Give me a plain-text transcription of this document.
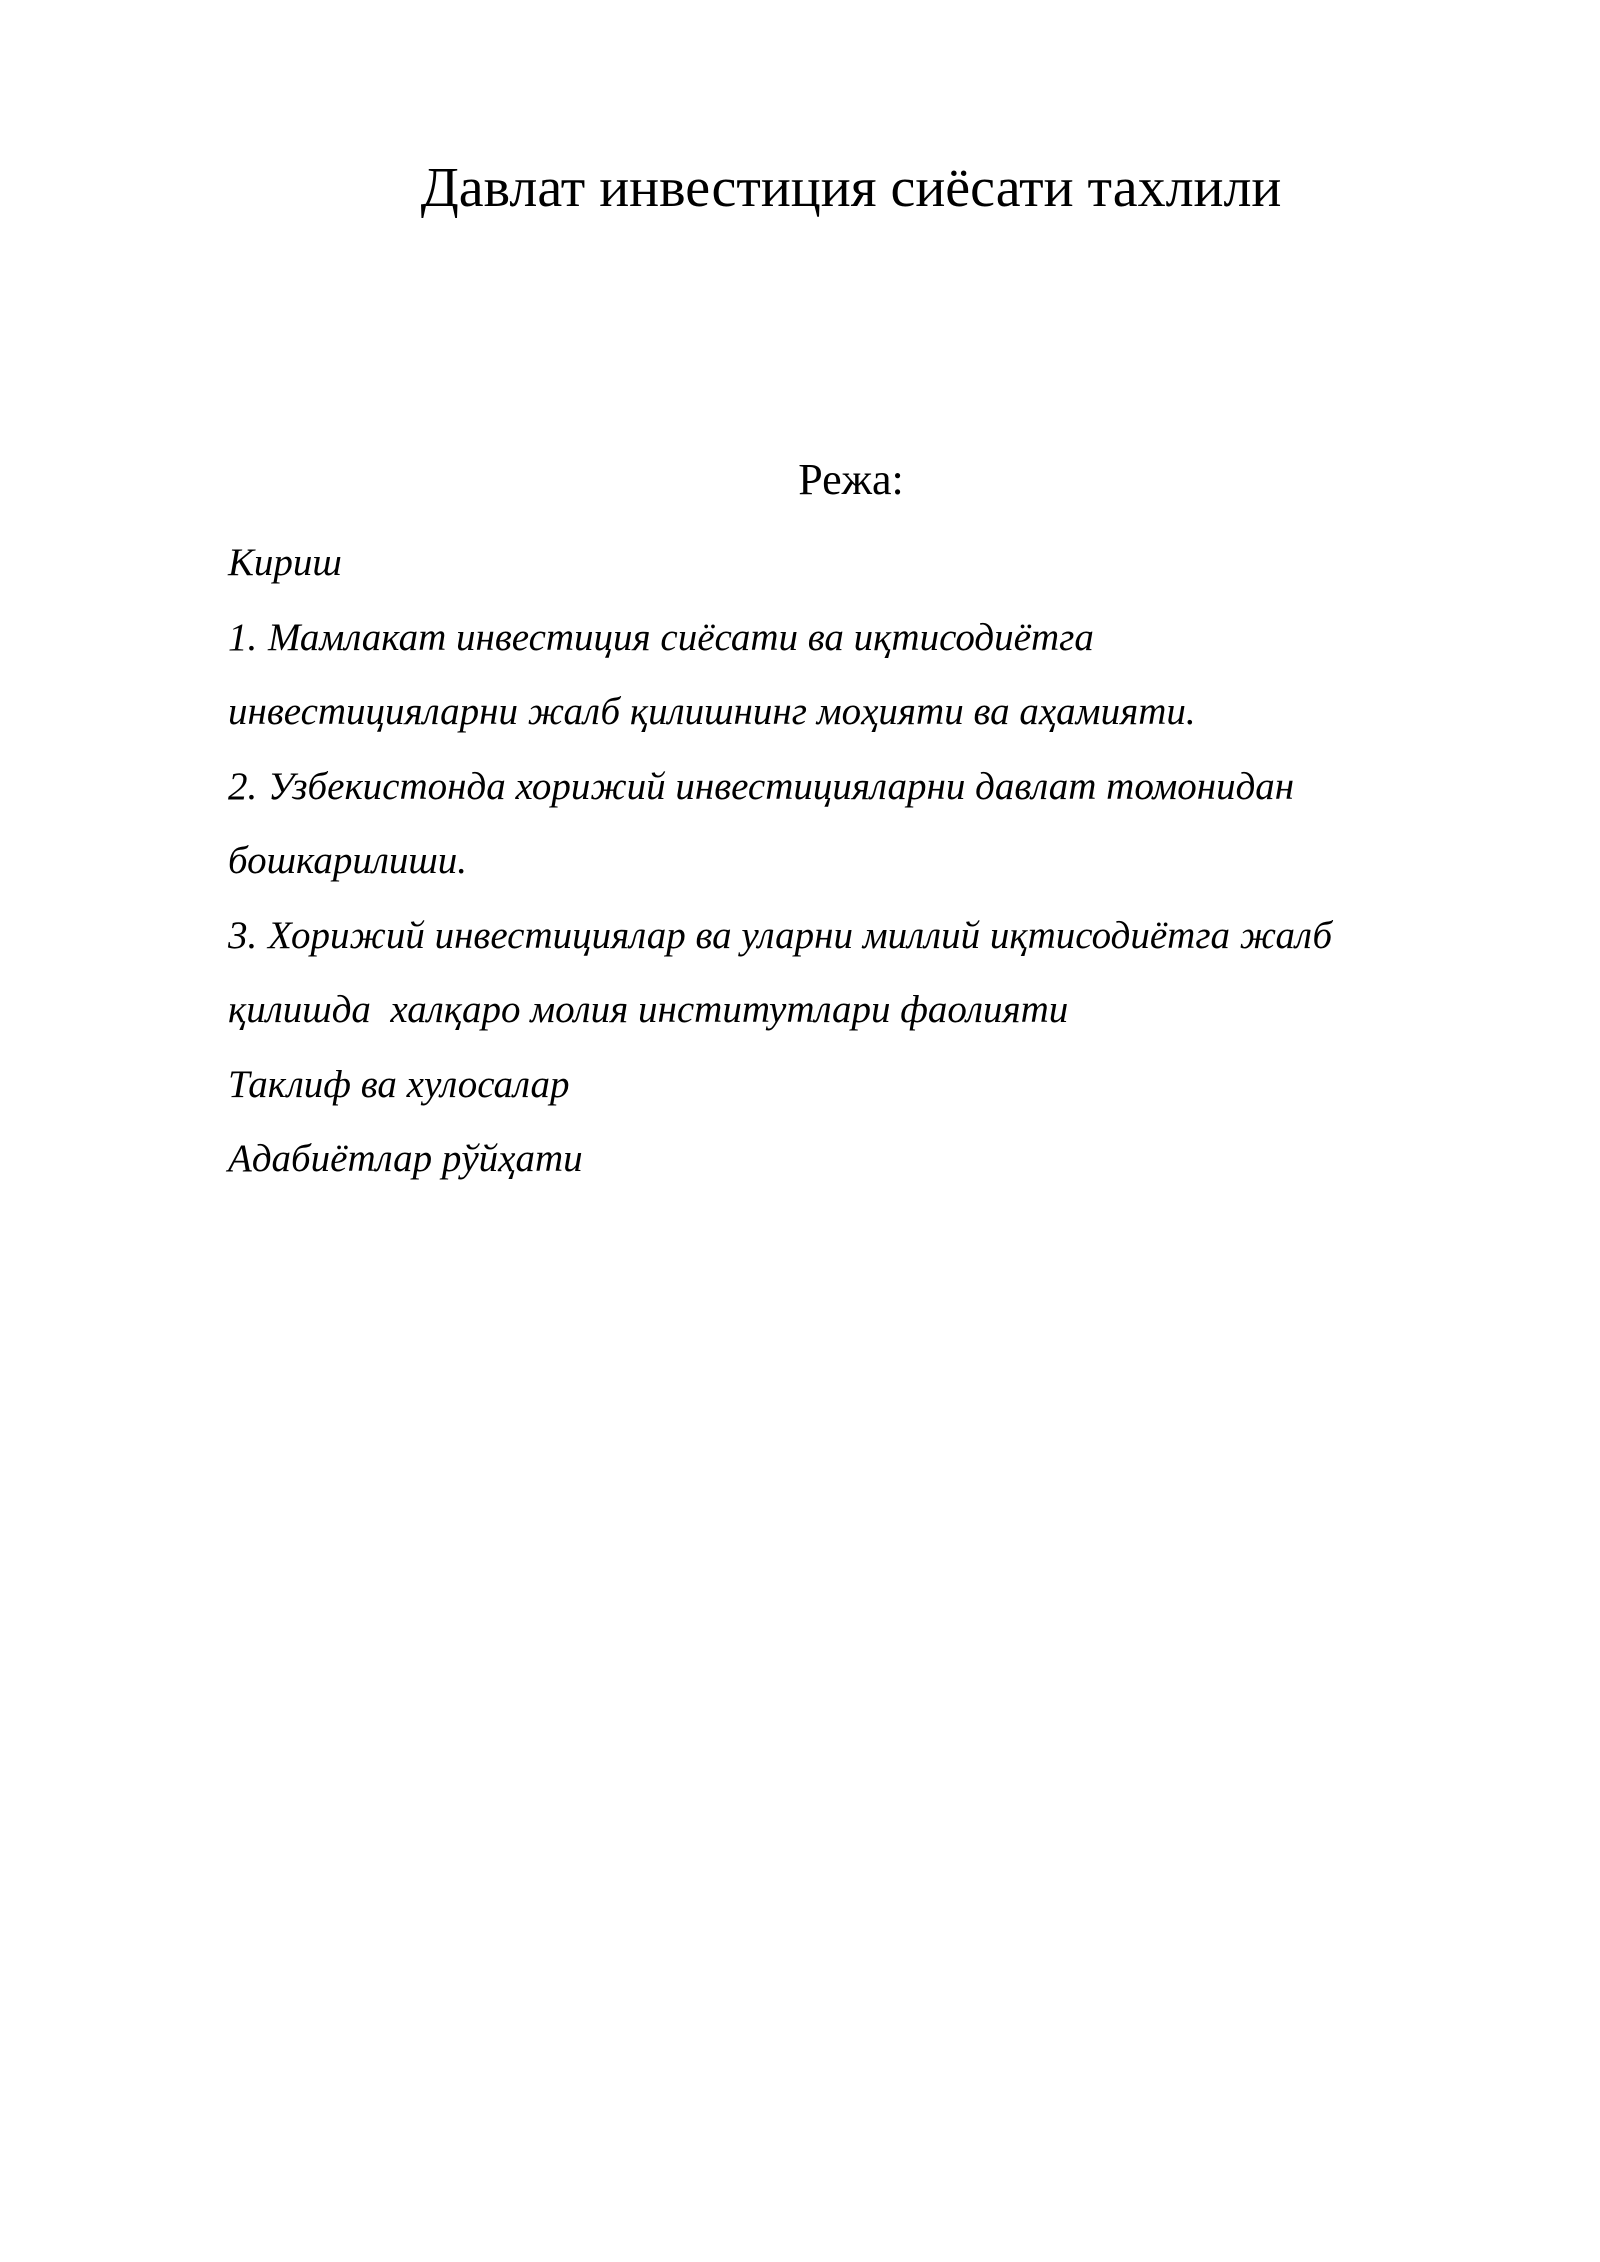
Давлат инвестиция сиёсати тахлили
Режа:
Кириш
1. Мамлакат инвестиция сиёсати ва иқтисодиётга
инвестицияларни жалб қилишнинг моҳияти ва аҳамияти.
2. Узбекистонда хорижий инвестицияларни давлат томонидан
бошкарилиши.
3. Хорижий инвестициялар ва уларни миллий иқтисодиётга жалб
қилишда  халқаро молия институтлари фаолияти
Таклиф ва хулосалар
Адабиётлар рўйҳати
